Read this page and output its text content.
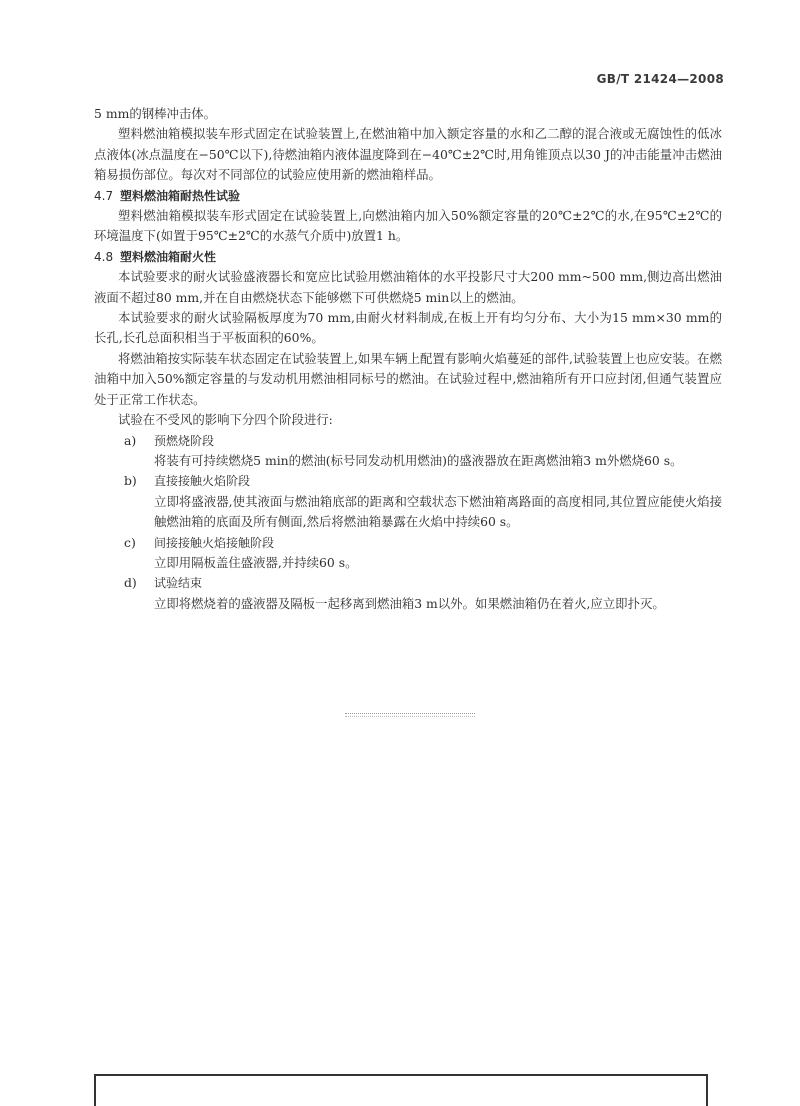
GB/T 21424—2008

5 mm的钢棒冲击体。

塑料燃油箱模拟装车形式固定在试验装置上,在燃油箱中加入额定容量的水和乙二醇的混合液或无腐蚀性的低冰点液体(冰点温度在−50℃以下),待燃油箱内液体温度降到在−40℃±2℃时,用角锥顶点以30 J的冲击能量冲击燃油箱易损伤部位。每次对不同部位的试验应使用新的燃油箱样品。

4.7 塑料燃油箱耐热性试验

塑料燃油箱模拟装车形式固定在试验装置上,向燃油箱内加入50%额定容量的20℃±2℃的水,在95℃±2℃的环境温度下(如置于95℃±2℃的水蒸气介质中)放置1 h。

4.8 塑料燃油箱耐火性

本试验要求的耐火试验盛液器长和宽应比试验用燃油箱体的水平投影尺寸大200 mm~500 mm,侧边高出燃油液面不超过80 mm,并在自由燃烧状态下能够燃下可供燃烧5 min以上的燃油。

本试验要求的耐火试验隔板厚度为70 mm,由耐火材料制成,在板上开有均匀分布、大小为15 mm×30 mm的长孔,长孔总面积相当于平板面积的60%。

将燃油箱按实际装车状态固定在试验装置上,如果车辆上配置有影响火焰蔓延的部件,试验装置上也应安装。在燃油箱中加入50%额定容量的与发动机用燃油相同标号的燃油。在试验过程中,燃油箱所有开口应封闭,但通气装置应处于正常工作状态。

试验在不受风的影响下分四个阶段进行:

a)	预燃烧阶段
将装有可持续燃烧5 min的燃油(标号同发动机用燃油)的盛液器放在距离燃油箱3 m外燃烧60 s。
b)	直接接触火焰阶段
立即将盛液器,使其液面与燃油箱底部的距离和空载状态下燃油箱离路面的高度相同,其位置应能使火焰接触燃油箱的底面及所有侧面,然后将燃油箱暴露在火焰中持续60 s。
c)	间接接触火焰接触阶段
立即用隔板盖住盛液器,并持续60 s。
d)	试验结束
立即将燃烧着的盛液器及隔板一起移离到燃油箱3 m以外。如果燃油箱仍在着火,应立即扑灭。
